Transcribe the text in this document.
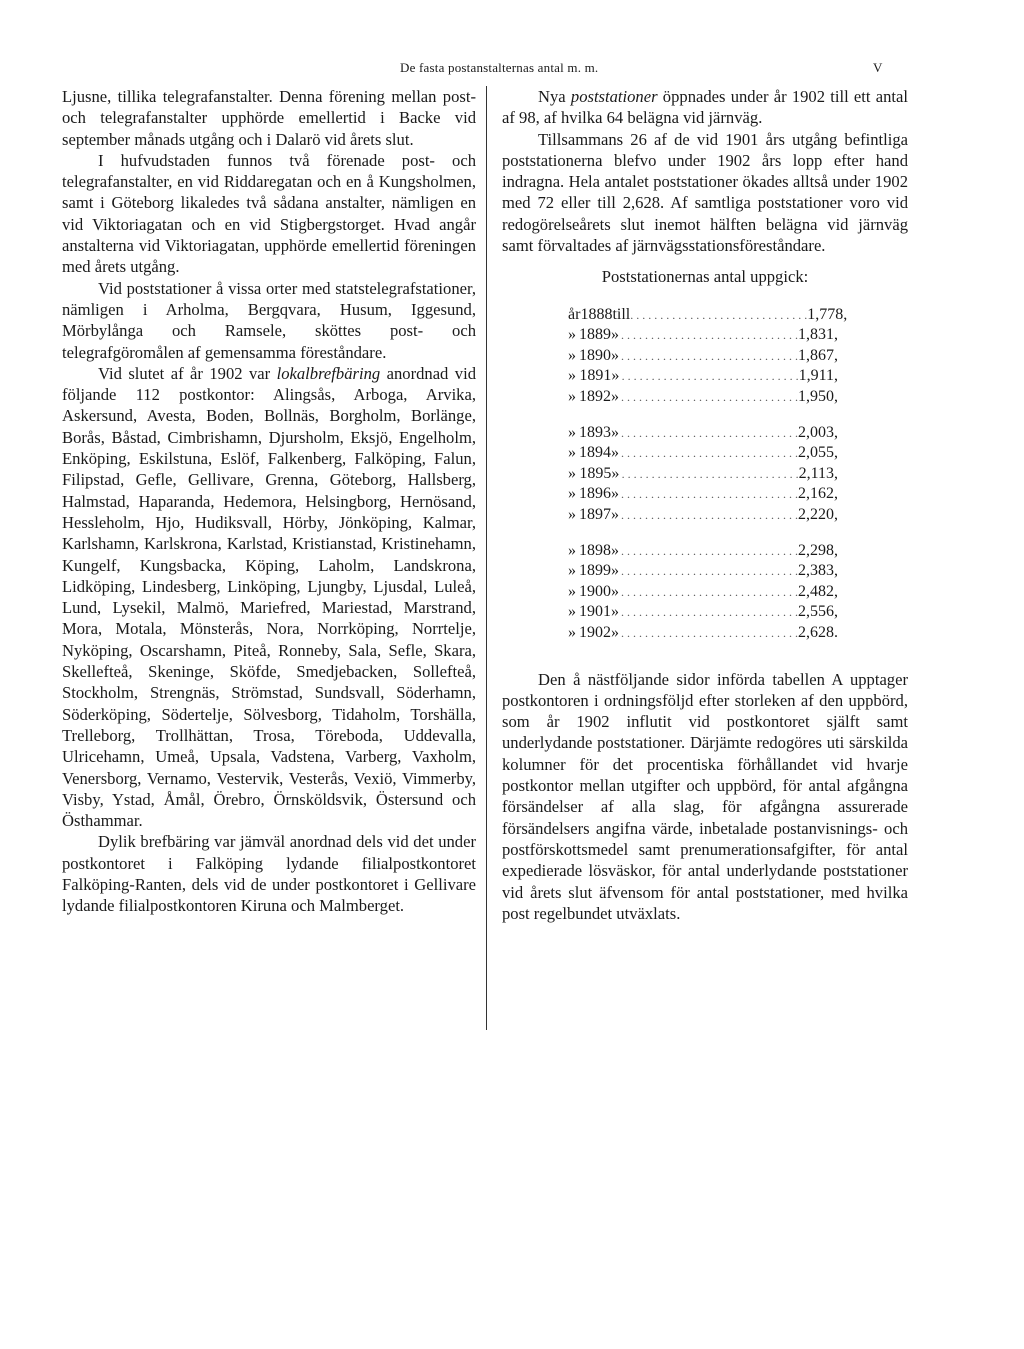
De fasta postanstalternas antal m. m.	V

Ljusne, tillika telegrafanstalter. Denna förening mellan post- och telegrafanstalter upphörde emellertid i Backe vid september månads utgång och i Dalarö vid årets slut.

I hufvudstaden funnos två förenade post- och telegrafanstalter, en vid Riddaregatan och en å Kungsholmen, samt i Göteborg likaledes två sådana anstalter, nämligen en vid Viktoriagatan och en vid Stigbergstorget. Hvad angår anstalterna vid Viktoriagatan, upphörde emellertid föreningen med årets utgång.

Vid poststationer å vissa orter med statstelegrafstationer, nämligen i Arholma, Bergqvara, Husum, Iggesund, Mörbylånga och Ramsele, sköttes post- och telegrafgöromålen af gemensamma föreståndare.

Vid slutet af år 1902 var lokalbrefbäring anordnad vid följande 112 postkontor: Alingsås, Arboga, Arvika, Askersund, Avesta, Boden, Bollnäs, Borgholm, Borlänge, Borås, Båstad, Cimbrishamn, Djursholm, Eksjö, Engelholm, Enköping, Eskilstuna, Eslöf, Falkenberg, Falköping, Falun, Filipstad, Gefle, Gellivare, Grenna, Göteborg, Hallsberg, Halmstad, Haparanda, Hedemora, Helsingborg, Hernösand, Hessleholm, Hjo, Hudiksvall, Hörby, Jönköping, Kalmar, Karlshamn, Karlskrona, Karlstad, Kristianstad, Kristinehamn, Kungelf, Kungsbacka, Köping, Laholm, Landskrona, Lidköping, Lindesberg, Linköping, Ljungby, Ljusdal, Luleå, Lund, Lysekil, Malmö, Mariefred, Mariestad, Marstrand, Mora, Motala, Mönsterås, Nora, Norrköping, Norrtelje, Nyköping, Oscarshamn, Piteå, Ronneby, Sala, Sefle, Skara, Skellefteå, Skeninge, Sköfde, Smedjebacken, Sollefteå, Stockholm, Strengnäs, Strömstad, Sundsvall, Söderhamn, Söderköping, Södertelje, Sölvesborg, Tidaholm, Torshälla, Trelleborg, Trollhättan, Trosa, Töreboda, Uddevalla, Ulricehamn, Umeå, Upsala, Vadstena, Varberg, Vaxholm, Venersborg, Vernamo, Vestervik, Vesterås, Vexiö, Vimmerby, Visby, Ystad, Åmål, Örebro, Örnsköldsvik, Östersund och Östhammar.

Dylik brefbäring var jämväl anordnad dels vid det under postkontoret i Falköping lydande filialpostkontoret Falköping-Ranten, dels vid de under postkontoret i Gellivare lydande filialpostkontoren Kiruna och Malmberget.

Nya poststationer öppnades under år 1902 till ett antal af 98, af hvilka 64 belägna vid järnväg.

Tillsammans 26 af de vid 1901 års utgång befintliga poststationerna blefvo under 1902 års lopp efter hand indragna. Hela antalet poststationer ökades alltså under 1902 med 72 eller till 2,628. Af samtliga poststationer voro vid redogörelseårets slut inemot hälften belägna vid järnväg samt förvaltades af järnvägsstationsföreståndare.

Poststationernas antal uppgick:

år 1888 till . . . . . . . . . . . . . . . . . . . . . . . . . . . . . . 1,778,
» 1889 » . . . . . . . . . . . . . . . . . . . . . . . . . . . . . . 1,831,
» 1890 » . . . . . . . . . . . . . . . . . . . . . . . . . . . . . . 1,867,
» 1891 » . . . . . . . . . . . . . . . . . . . . . . . . . . . . . . 1,911,
» 1892 » . . . . . . . . . . . . . . . . . . . . . . . . . . . . . . 1,950,
» 1893 » . . . . . . . . . . . . . . . . . . . . . . . . . . . . . . 2,003,
» 1894 » . . . . . . . . . . . . . . . . . . . . . . . . . . . . . . 2,055,
» 1895 » . . . . . . . . . . . . . . . . . . . . . . . . . . . . . . 2,113,
» 1896 » . . . . . . . . . . . . . . . . . . . . . . . . . . . . . . 2,162,
» 1897 » . . . . . . . . . . . . . . . . . . . . . . . . . . . . . . 2,220,
» 1898 » . . . . . . . . . . . . . . . . . . . . . . . . . . . . . . 2,298,
» 1899 » . . . . . . . . . . . . . . . . . . . . . . . . . . . . . . 2,383,
» 1900 » . . . . . . . . . . . . . . . . . . . . . . . . . . . . . . 2,482,
» 1901 » . . . . . . . . . . . . . . . . . . . . . . . . . . . . . . 2,556,
» 1902 » . . . . . . . . . . . . . . . . . . . . . . . . . . . . . . 2,628.

Den å nästföljande sidor införda tabellen A upptager postkontoren i ordningsföljd efter storleken af den uppbörd, som år 1902 influtit vid postkontoret själft samt underlydande poststationer. Därjämte redogöres uti särskilda kolumner för det procentiska förhållandet vid hvarje postkontor mellan utgifter och uppbörd, för antal afgångna försändelser af alla slag, för afgångna assurerade försändelsers angifna värde, inbetalade postanvisnings- och postförskottsmedel samt prenumerationsafgifter, för antal expedierade lösväskor, för antal underlydande poststationer vid årets slut äfvensom för antal poststationer, med hvilka post regelbundet utväxlats.
